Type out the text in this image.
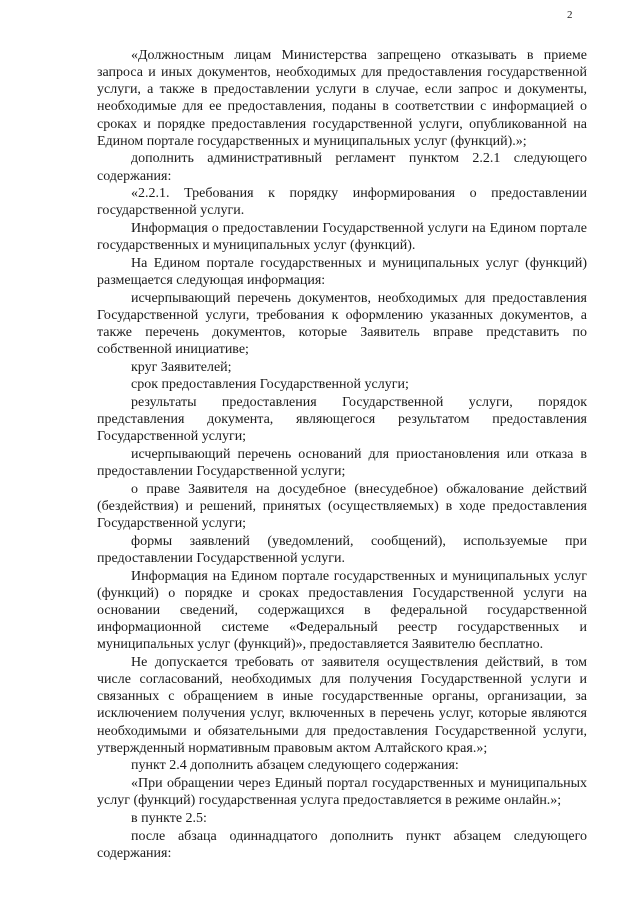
2

«Должностным лицам Министерства запрещено отказывать в приеме запроса и иных документов, необходимых для предоставления государственной услуги, а также в предоставлении услуги в случае, если запрос и документы, необходимые для ее предоставления, поданы в соответствии с информацией о сроках и порядке предоставления государственной услуги, опубликованной на Едином портале государственных и муниципальных услуг (функций).»;

дополнить административный регламент пунктом 2.2.1 следующего содержания:

«2.2.1. Требования к порядку информирования о предоставлении государственной услуги.

Информация о предоставлении Государственной услуги на Едином портале государственных и муниципальных услуг (функций).

На Едином портале государственных и муниципальных услуг (функций) размещается следующая информация:

исчерпывающий перечень документов, необходимых для предоставления Государственной услуги, требования к оформлению указанных документов, а также перечень документов, которые Заявитель вправе представить по собственной инициативе;

круг Заявителей;

срок предоставления Государственной услуги;

результаты предоставления Государственной услуги, порядок представления документа, являющегося результатом предоставления Государственной услуги;

исчерпывающий перечень оснований для приостановления или отказа в предоставлении Государственной услуги;

о праве Заявителя на досудебное (внесудебное) обжалование действий (бездействия) и решений, принятых (осуществляемых) в ходе предоставления Государственной услуги;

формы заявлений (уведомлений, сообщений), используемые при предоставлении Государственной услуги.

Информация на Едином портале государственных и муниципальных услуг (функций) о порядке и сроках предоставления Государственной услуги на основании сведений, содержащихся в федеральной государственной информационной системе «Федеральный реестр государственных и муниципальных услуг (функций)», предоставляется Заявителю бесплатно.

Не допускается требовать от заявителя осуществления действий, в том числе согласований, необходимых для получения Государственной услуги и связанных с обращением в иные государственные органы, организации, за исключением получения услуг, включенных в перечень услуг, которые являются необходимыми и обязательными для предоставления Государственной услуги, утвержденный нормативным правовым актом Алтайского края.»;

пункт 2.4 дополнить абзацем следующего содержания:

«При обращении через Единый портал государственных и муниципальных услуг (функций) государственная услуга предоставляется в режиме онлайн.»;

в пункте 2.5:

после абзаца одиннадцатого дополнить пункт абзацем следующего содержания:
